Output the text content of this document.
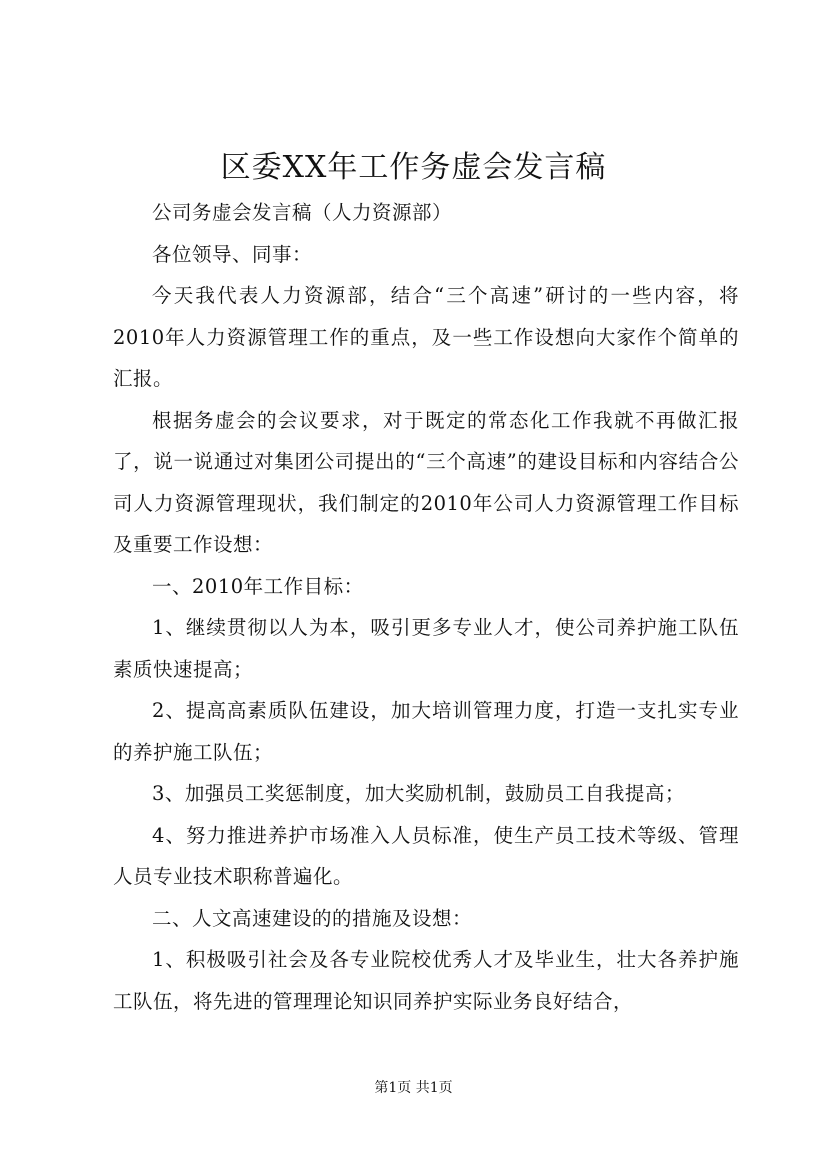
区委XX年工作务虚会发言稿

公司务虚会发言稿（人力资源部）

各位领导、同事：

今天我代表人力资源部，结合“三个高速”研讨的一些内容，将2010年人力资源管理工作的重点，及一些工作设想向大家作个简单的汇报。

根据务虚会的会议要求，对于既定的常态化工作我就不再做汇报了，说一说通过对集团公司提出的“三个高速”的建设目标和内容结合公司人力资源管理现状，我们制定的2010年公司人力资源管理工作目标及重要工作设想：

一、2010年工作目标：

1、继续贯彻以人为本，吸引更多专业人才，使公司养护施工队伍素质快速提高；

2、提高高素质队伍建设，加大培训管理力度，打造一支扎实专业的养护施工队伍；

3、加强员工奖惩制度，加大奖励机制，鼓励员工自我提高；

4、努力推进养护市场准入人员标准，使生产员工技术等级、管理人员专业技术职称普遍化。

二、人文高速建设的的措施及设想：

1、积极吸引社会及各专业院校优秀人才及毕业生，壮大各养护施工队伍，将先进的管理理论知识同养护实际业务良好结合，

第1页 共1页
